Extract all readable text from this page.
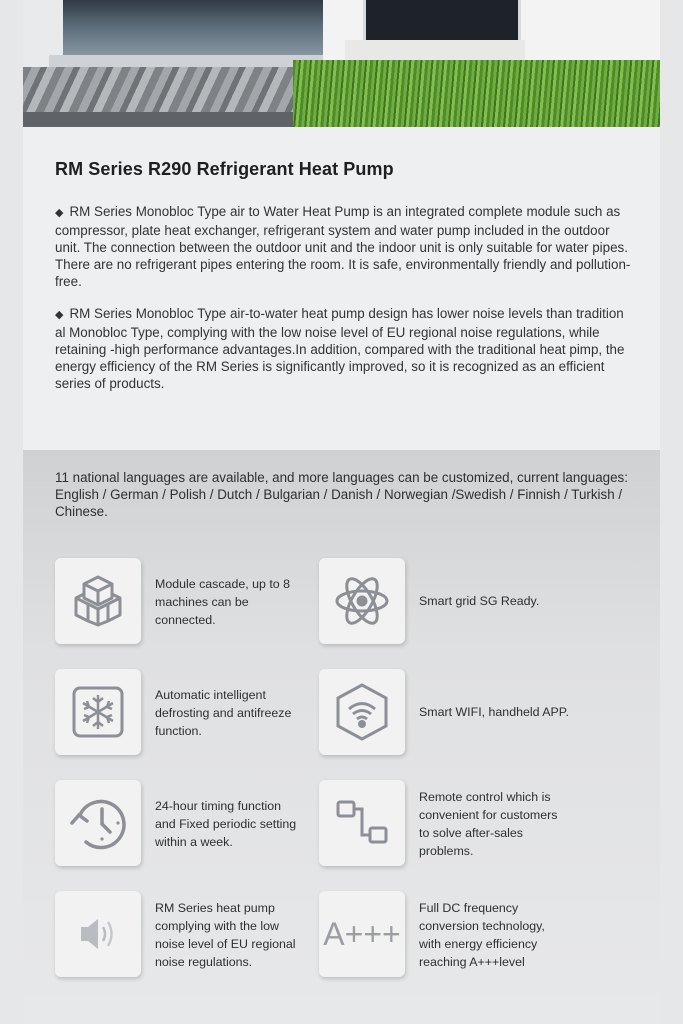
RM Series R290 Refrigerant Heat Pump
◆ RM Series Monobloc Type air to Water Heat Pump is an integrated complete module such as compressor, plate heat exchanger, refrigerant system and water pump included in the outdoor unit. The connection between the outdoor unit and the indoor unit is only suitable for water pipes. There are no refrigerant pipes entering the room. It is safe, environmentally friendly and pollution-free.
◆ RM Series Monobloc Type air-to-water heat pump design has lower noise levels than tradition al Monobloc Type, complying with the low noise level of EU regional noise regulations, while retaining -high performance advantages.In addition, compared with the traditional heat pimp, the energy efficiency of the RM Series is significantly improved, so it is recognized as an efficient series of products.
11 national languages are available, and more languages can be customized, current languages: English / German / Polish / Dutch / Bulgarian / Danish / Norwegian /Swedish / Finnish / Turkish / Chinese.
Module cascade, up to 8 machines can be connected.
Smart grid SG Ready.
Automatic intelligent defrosting and antifreeze function.
Smart WIFI, handheld APP.
24-hour timing function and Fixed periodic setting within a week.
Remote control which is convenient for customers to solve after-sales problems.
RM Series heat pump complying with the low noise level of EU regional noise regulations.
A+++
Full DC frequency conversion technology, with energy efficiency reaching A+++level
